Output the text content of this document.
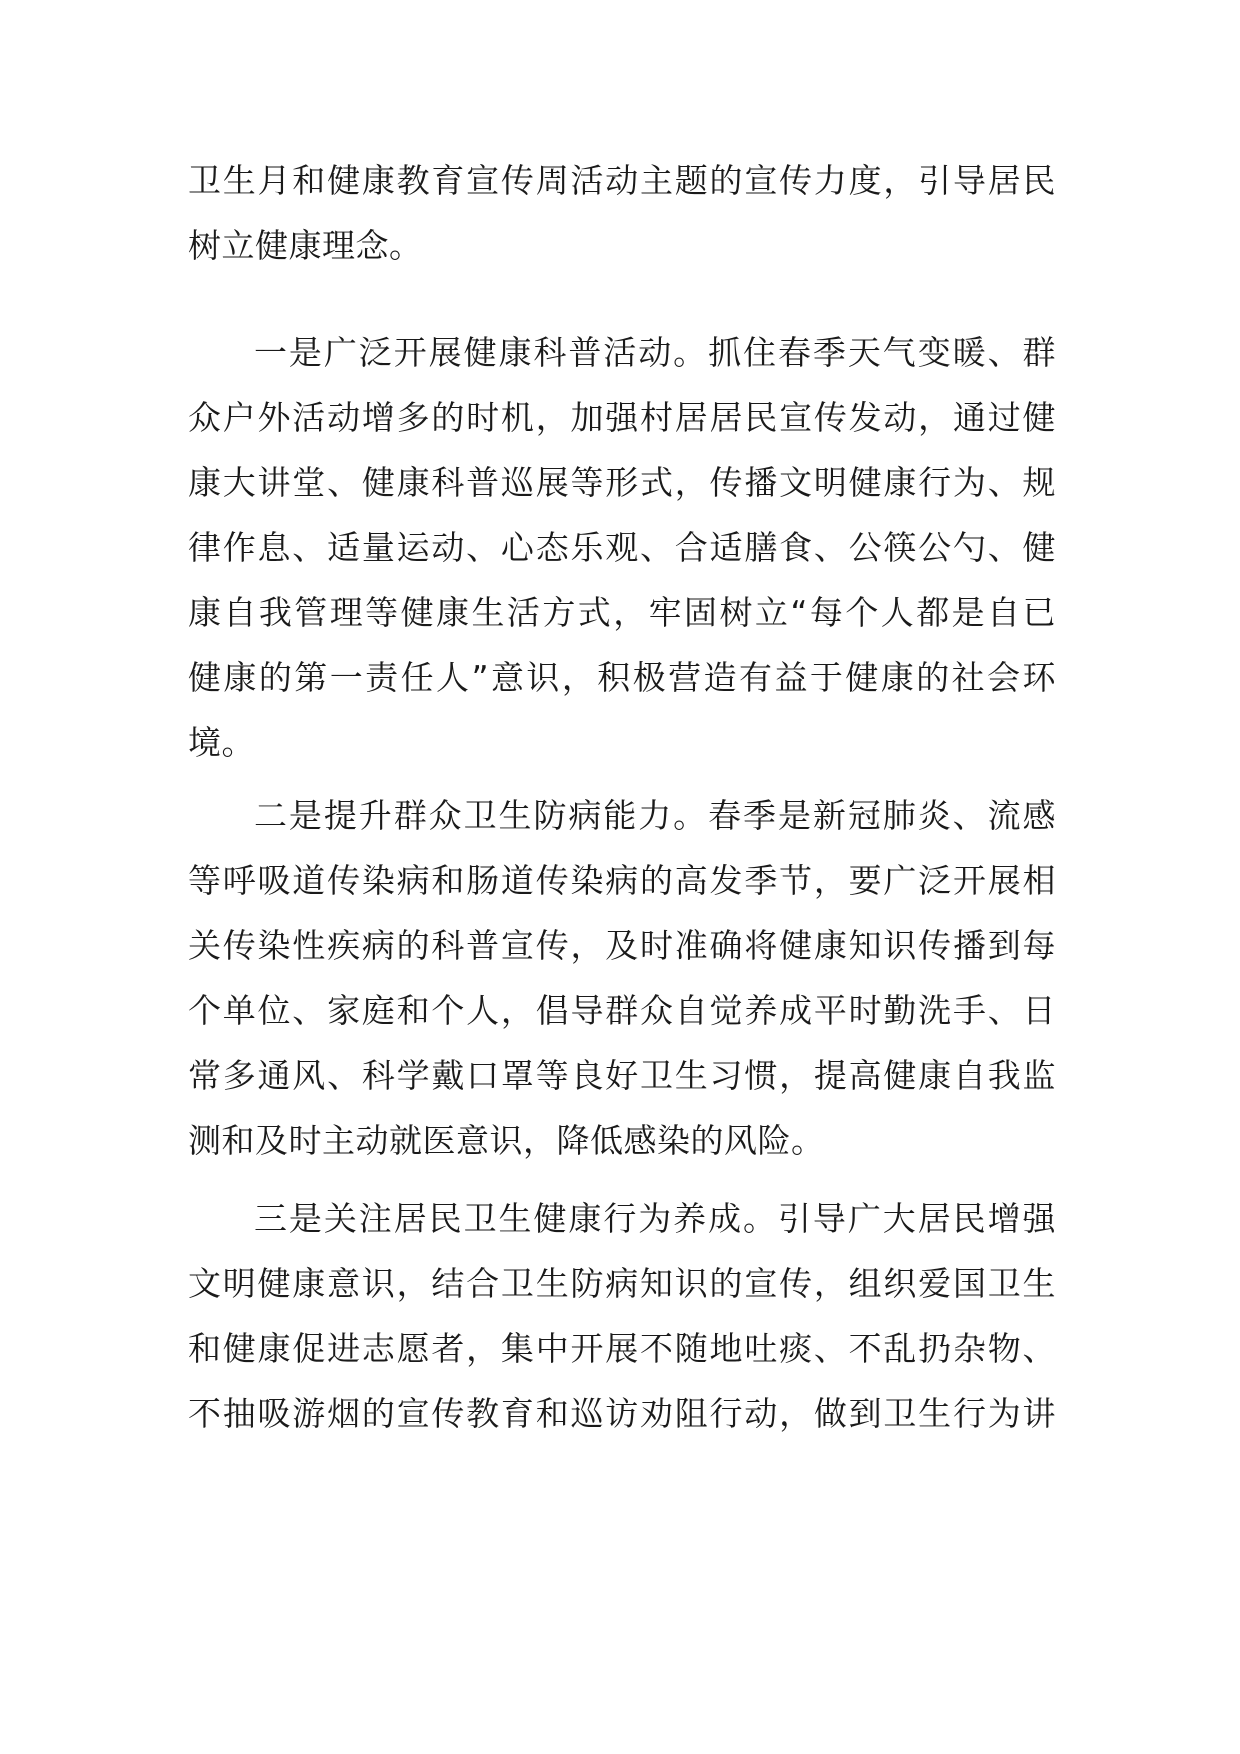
卫生月和健康教育宣传周活动主题的宣传力度，引导居民
树立健康理念。
一是广泛开展健康科普活动。抓住春季天气变暖、群
众户外活动增多的时机，加强村居居民宣传发动，通过健
康大讲堂、健康科普巡展等形式，传播文明健康行为、规
律作息、适量运动、心态乐观、合适膳食、公筷公勺、健
康自我管理等健康生活方式，牢固树立“每个人都是自已
健康的第一责任人”意识，积极营造有益于健康的社会环
境。
二是提升群众卫生防病能力。春季是新冠肺炎、流感
等呼吸道传染病和肠道传染病的高发季节，要广泛开展相
关传染性疾病的科普宣传，及时准确将健康知识传播到每
个单位、家庭和个人，倡导群众自觉养成平时勤洗手、日
常多通风、科学戴口罩等良好卫生习惯，提高健康自我监
测和及时主动就医意识，降低感染的风险。
三是关注居民卫生健康行为养成。引导广大居民增强
文明健康意识，结合卫生防病知识的宣传，组织爱国卫生
和健康促进志愿者，集中开展不随地吐痰、不乱扔杂物、
不抽吸游烟的宣传教育和巡访劝阻行动，做到卫生行为讲
